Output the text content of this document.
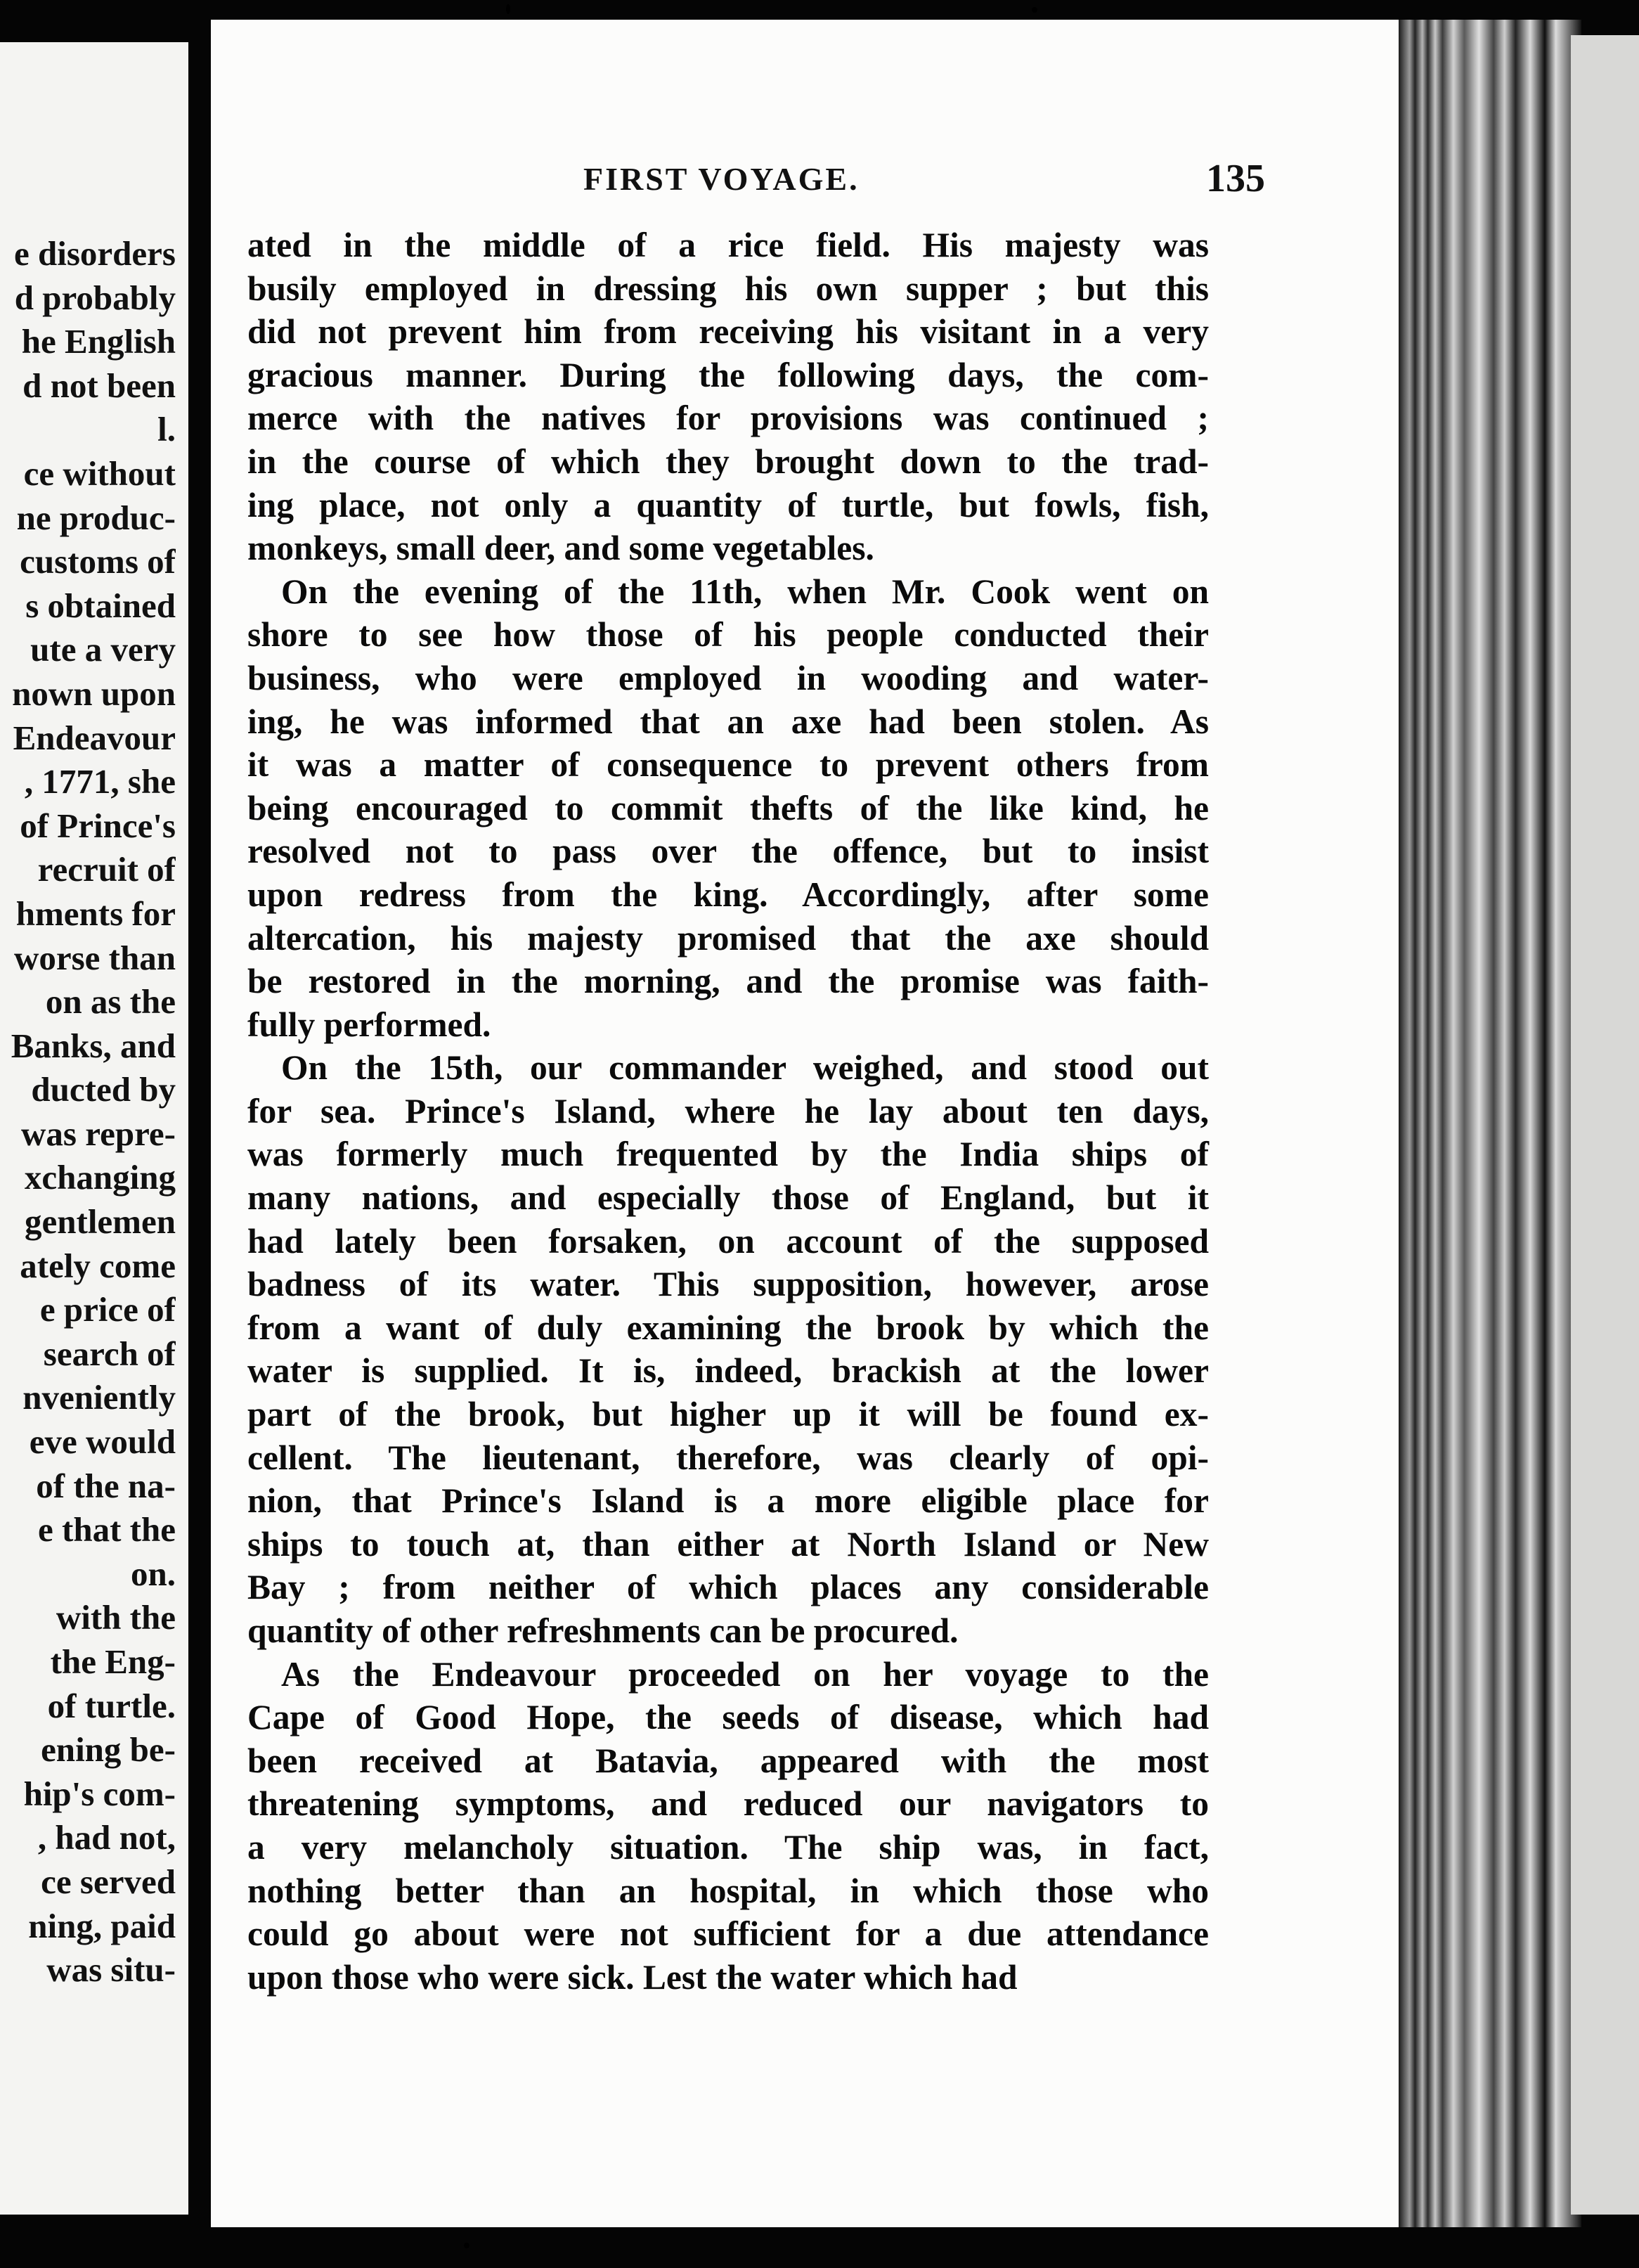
e disorders
d probably
he English
d not been
l.
ce without
ne produc-
customs of
s obtained
ute a very
nown upon
Endeavour
, 1771, she
of Prince's
recruit of
hments for
worse than
on as the
Banks, and
ducted by
was repre-
xchanging
gentlemen
ately come
e price of
search of
nveniently
eve would
of the na-
e that the
on.
with the
the Eng-
of turtle.
ening be-
hip's com-
, had not,
ce served
ning, paid
was situ-
FIRST VOYAGE.	135
ated in the middle of a rice field. His majesty was
busily employed in dressing his own supper ; but this
did not prevent him from receiving his visitant in a very
gracious manner. During the following days, the com-
merce with the natives for provisions was continued ;
in the course of which they brought down to the trad-
ing place, not only a quantity of turtle, but fowls, fish,
monkeys, small deer, and some vegetables.
On the evening of the 11th, when Mr. Cook went on
shore to see how those of his people conducted their
business, who were employed in wooding and water-
ing, he was informed that an axe had been stolen. As
it was a matter of consequence to prevent others from
being encouraged to commit thefts of the like kind, he
resolved not to pass over the offence, but to insist
upon redress from the king. Accordingly, after some
altercation, his majesty promised that the axe should
be restored in the morning, and the promise was faith-
fully performed.
On the 15th, our commander weighed, and stood out
for sea. Prince's Island, where he lay about ten days,
was formerly much frequented by the India ships of
many nations, and especially those of England, but it
had lately been forsaken, on account of the supposed
badness of its water. This supposition, however, arose
from a want of duly examining the brook by which the
water is supplied. It is, indeed, brackish at the lower
part of the brook, but higher up it will be found ex-
cellent. The lieutenant, therefore, was clearly of opi-
nion, that Prince's Island is a more eligible place for
ships to touch at, than either at North Island or New
Bay ; from neither of which places any considerable
quantity of other refreshments can be procured.
As the Endeavour proceeded on her voyage to the
Cape of Good Hope, the seeds of disease, which had
been received at Batavia, appeared with the most
threatening symptoms, and reduced our navigators to
a very melancholy situation. The ship was, in fact,
nothing better than an hospital, in which those who
could go about were not sufficient for a due attendance
upon those who were sick. Lest the water which had
